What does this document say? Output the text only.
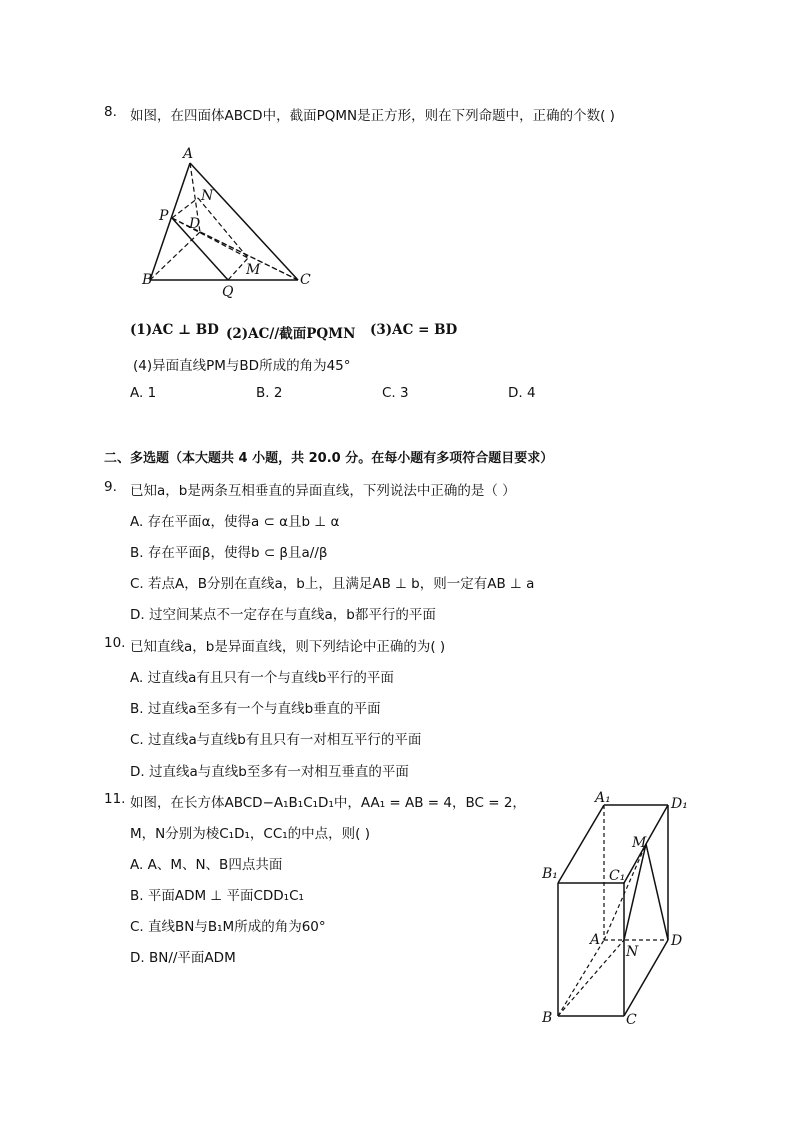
8. 如图，在四面体ABCD中，截面PQMN是正方形，则在下列命题中，正确的个数( )
A
B	C
D
N
P
Q
M
(1)AC ⊥ BD (2)AC//截面PQMN (3)AC = BD
(4)异面直线PM与BD所成的角为45°
A. 1	B. 2	C. 3	D. 4
二、多选题（本大题共 4 小题，共 20.0 分。在每小题有多项符合题目要求）
9. 已知a，b是两条互相垂直的异面直线，下列说法中正确的是（ ）
A. 存在平面α，使得a ⊂ α且b ⊥ α
B. 存在平面β，使得b ⊂ β且a//β
C. 若点A，B分别在直线a，b上，且满足AB ⊥ b，则一定有AB ⊥ a
D. 过空间某点不一定存在与直线a，b都平行的平面
10. 已知直线a，b是异面直线，则下列结论中正确的为( )
A. 过直线a有且只有一个与直线b平行的平面
B. 过直线a至多有一个与直线b垂直的平面
C. 过直线a与直线b有且只有一对相互平行的平面
D. 过直线a与直线b至多有一对相互垂直的平面
11. 如图，在长方体ABCD−A₁B₁C₁D₁中，AA₁ = AB = 4，BC = 2，
M，N分别为棱C₁D₁，CC₁的中点，则( )
A. A、M、N、B四点共面
B. 平面ADM ⊥ 平面CDD₁C₁
C. 直线BN与B₁M所成的角为60°
D. BN//平面ADM
A₁	D₁
M
B₁	C₁
A	D
N
B	C
